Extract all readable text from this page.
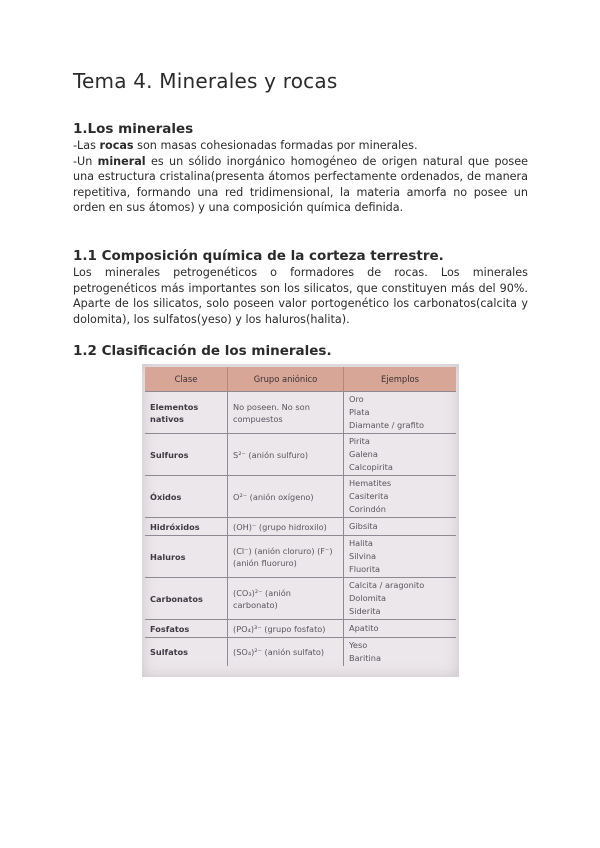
Tema 4. Minerales y rocas
1.Los minerales

-Las rocas son masas cohesionadas formadas por minerales.

-Un mineral es un sólido inorgánico homogéneo de origen natural que posee una estructura cristalina(presenta átomos perfectamente ordenados, de manera repetitiva, formando una red tridimensional, la materia amorfa no posee un orden en sus átomos) y una composición química definida.

1.1 Composición química de la corteza terrestre.
Los minerales petrogenéticos o formadores de rocas. Los minerales petrogenéticos más importantes son los silicatos, que constituyen más del 90%. Aparte de los silicatos, solo poseen valor portogenético los carbonatos(calcita y dolomita), los sulfatos(yeso) y los haluros(halita).
1.2 Clasificación de los minerales.
Clase	Grupo aniónico	Ejemplos
Elementos nativos	No poseen. No son compuestos	Oro
Plata
Diamante / grafito

Sulfuros	S²⁻ (anión sulfuro)	Pirita
Galena
Calcopirita

Óxidos	O²⁻ (anión oxígeno)	Hematites
Casiterita
Corindón

Hidróxidos	(OH)⁻ (grupo hidroxilo)	Gibsita

Haluros	(Cl⁻) (anión cloruro) (F⁻) (anión fluoruro)	Halita
Silvina
Fluorita

Carbonatos	(CO₃)²⁻ (anión carbonato)	Calcita / aragonito
Dolomita
Siderita

Fosfatos	(PO₄)³⁻ (grupo fosfato)	Apatito

Sulfatos	(SO₄)²⁻ (anión sulfato)	Yeso
Baritina
